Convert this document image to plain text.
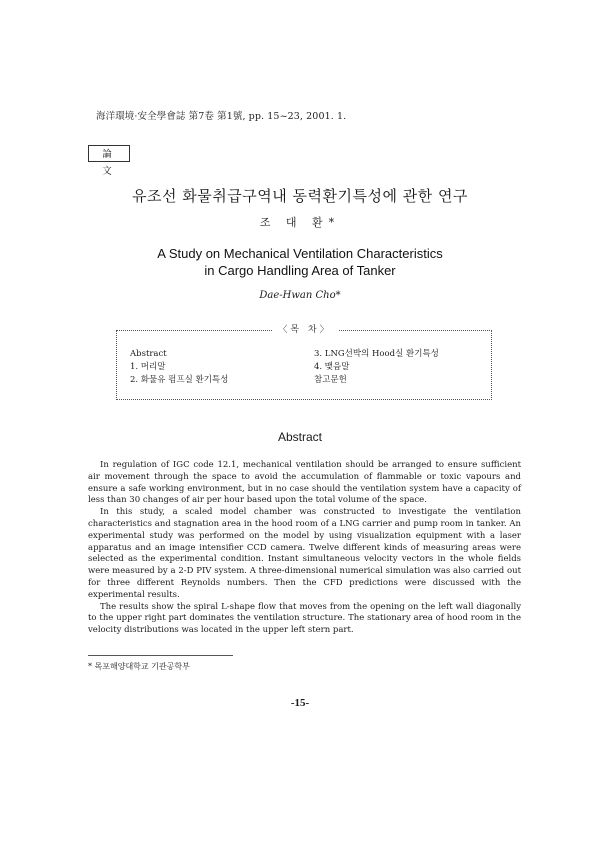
海洋環境·安全學會誌 第7卷 第1號, pp. 15~23, 2001. 1.
論 文
유조선 화물취급구역내 동력환기특성에 관한 연구
조 대 환*
A Study on Mechanical Ventilation Characteristics
in Cargo Handling Area of Tanker
Dae-Hwan Cho*
〈목 차〉
Abstract
1. 머리말
2. 화물유 펌프실 환기특성
3. LNG선박의 Hood실 환기특성
4. 맺음말
참고문헌
Abstract

In regulation of IGC code 12.1, mechanical ventilation should be arranged to ensure sufficient air movement through the space to avoid the accumulation of flammable or toxic vapours and ensure a safe working environment, but in no case should the ventilation system have a capacity of less than 30 changes of air per hour based upon the total volume of the space.

In this study, a scaled model chamber was constructed to investigate the ventilation characteristics and stagnation area in the hood room of a LNG carrier and pump room in tanker. An experimental study was performed on the model by using visualization equipment with a laser apparatus and an image intensifier CCD camera. Twelve different kinds of measuring areas were selected as the experimental condition. Instant simultaneous velocity vectors in the whole fields were measured by a 2-D PIV system. A three-dimensional numerical simulation was also carried out for three different Reynolds numbers. Then the CFD predictions were discussed with the experimental results.

The results show the spiral L-shape flow that moves from the opening on the left wall diagonally to the upper right part dominates the ventilation structure. The stationary area of hood room in the velocity distributions was located in the upper left stern part.

* 목포해양대학교 기관공학부
-15-
